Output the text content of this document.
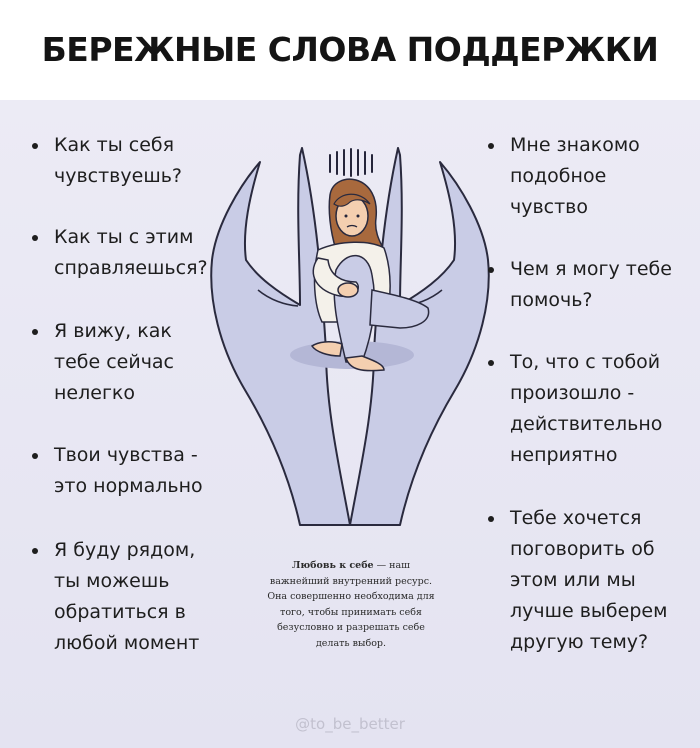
БЕРЕЖНЫЕ СЛОВА ПОДДЕРЖКИ
Как ты себя
чувствуешь?
Как ты с этим
справляешься?
Я вижу, как
тебе сейчас
нелегко
Твои чувства -
это нормально
Я буду рядом,
ты можешь
обратиться в
любой момент
Мне знакомо
подобное
чувство
Чем я могу тебе
помочь?
То, что с тобой
произошло -
действительно
неприятно
Тебе хочется
поговорить об
этом или мы
лучше выберем
другую тему?
Любовь к себе — наш важнейший внутренний ресурс. Она совершенно необходима для того, чтобы принимать себя безусловно и разрешать себе делать выбор.
@to_be_better
